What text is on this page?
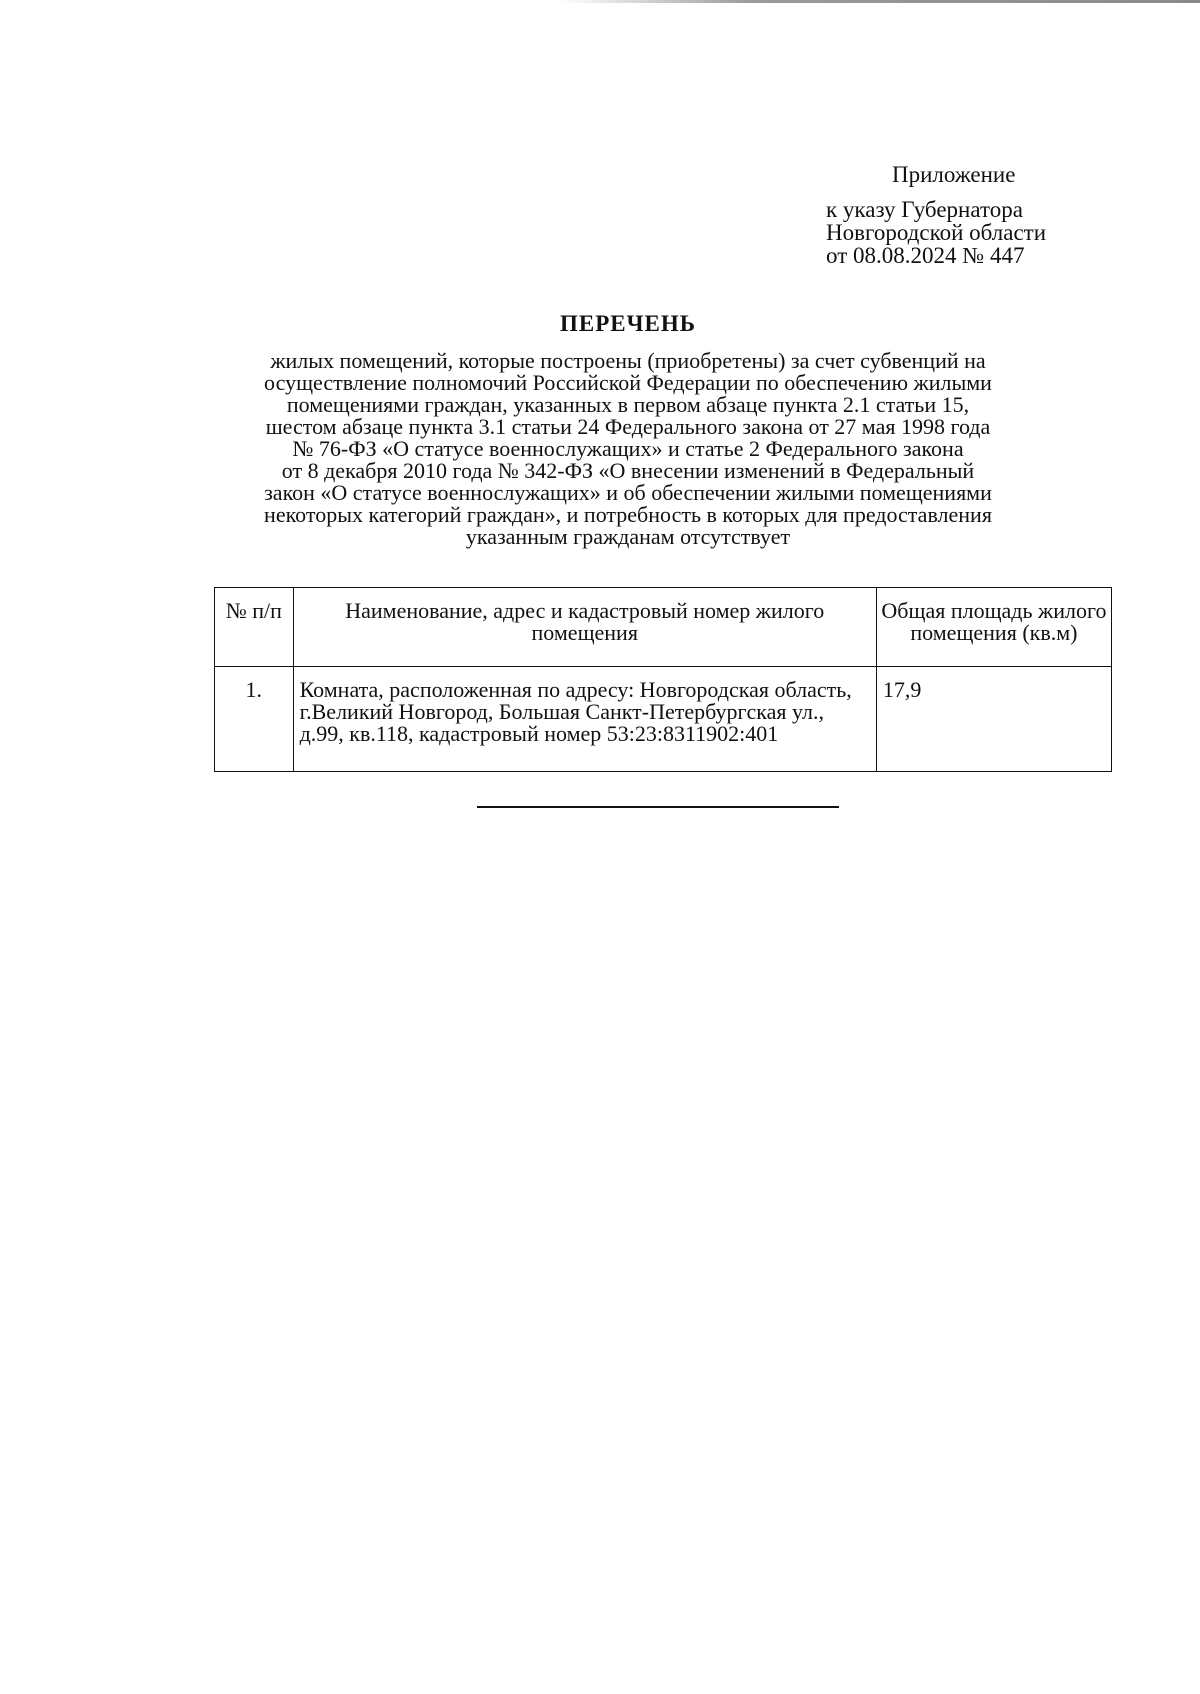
Приложение
к указу Губернатора
Новгородской области
от 08.08.2024 № 447
ПЕРЕЧЕНЬ
жилых помещений, которые построены (приобретены) за счет субвенций на
осуществление полномочий Российской Федерации по обеспечению жилыми
помещениями граждан, указанных в первом абзаце пункта 2.1 статьи 15,
шестом абзаце пункта 3.1 статьи 24 Федерального закона от 27 мая 1998 года
№ 76-ФЗ «О статусе военнослужащих» и статье 2 Федерального закона
от 8 декабря 2010 года № 342-ФЗ «О внесении изменений в Федеральный
закон «О статусе военнослужащих» и об обеспечении жилыми помещениями
некоторых категорий граждан», и потребность в которых для предоставления
указанным гражданам отсутствует
№ п/п	Наименование, адрес и кадастровый номер жилого помещения	Общая площадь жилого помещения (кв.м)
1.	Комната, расположенная по адресу: Новгородская область, г.Великий Новгород, Большая Санкт-Петербургская ул., д.99, кв.118, кадастровый номер 53:23:8311902:401	17,9
